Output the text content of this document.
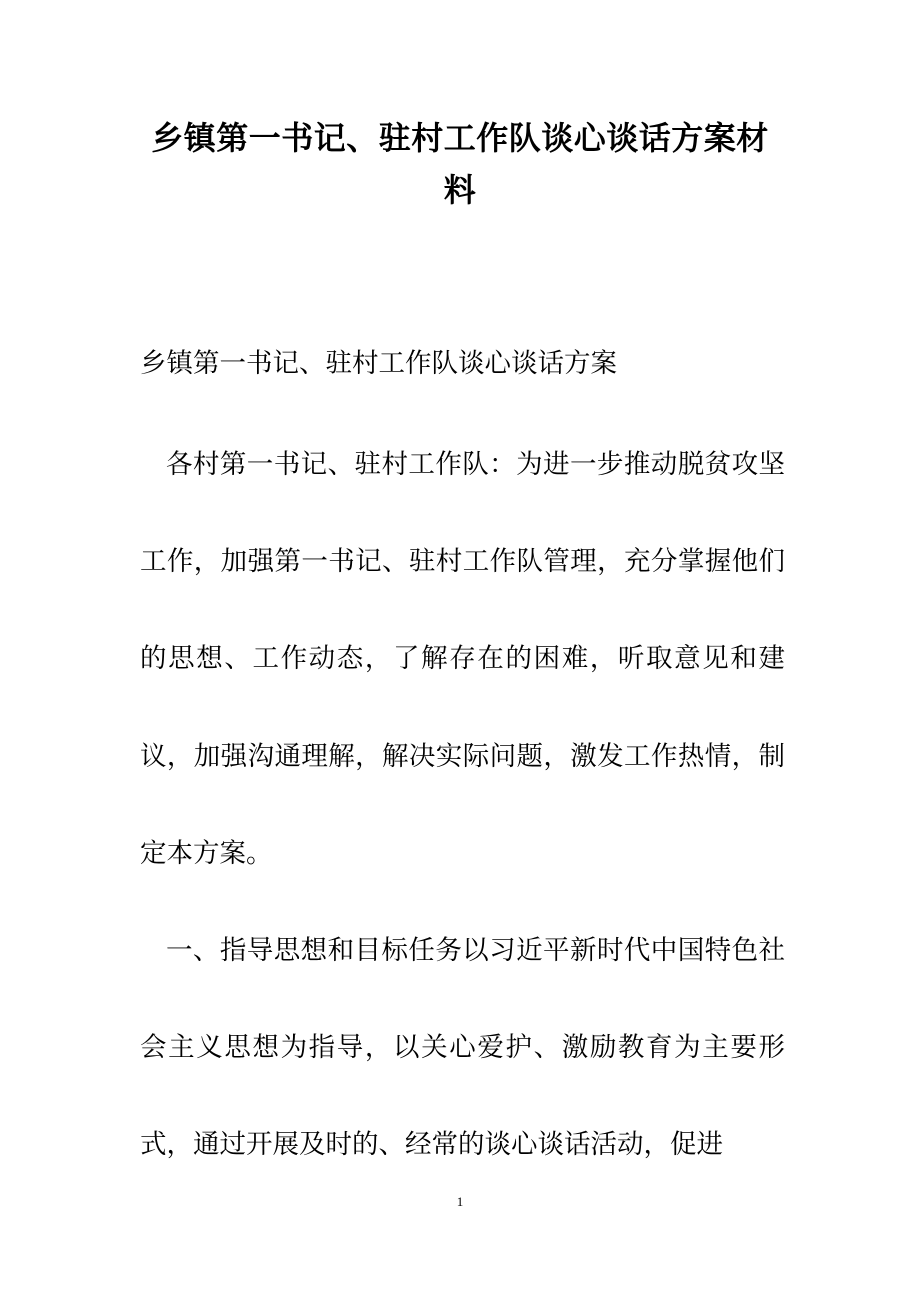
乡镇第一书记、驻村工作队谈心谈话方案材料

乡镇第一书记、驻村工作队谈心谈话方案

各村第一书记、驻村工作队：为进一步推动脱贫攻坚工作，加强第一书记、驻村工作队管理，充分掌握他们的思想、工作动态，了解存在的困难，听取意见和建议，加强沟通理解，解决实际问题，激发工作热情，制定本方案。

一、指导思想和目标任务以习近平新时代中国特色社会主义思想为指导，以关心爱护、激励教育为主要形式，通过开展及时的、经常的谈心谈话活动，促进

1
